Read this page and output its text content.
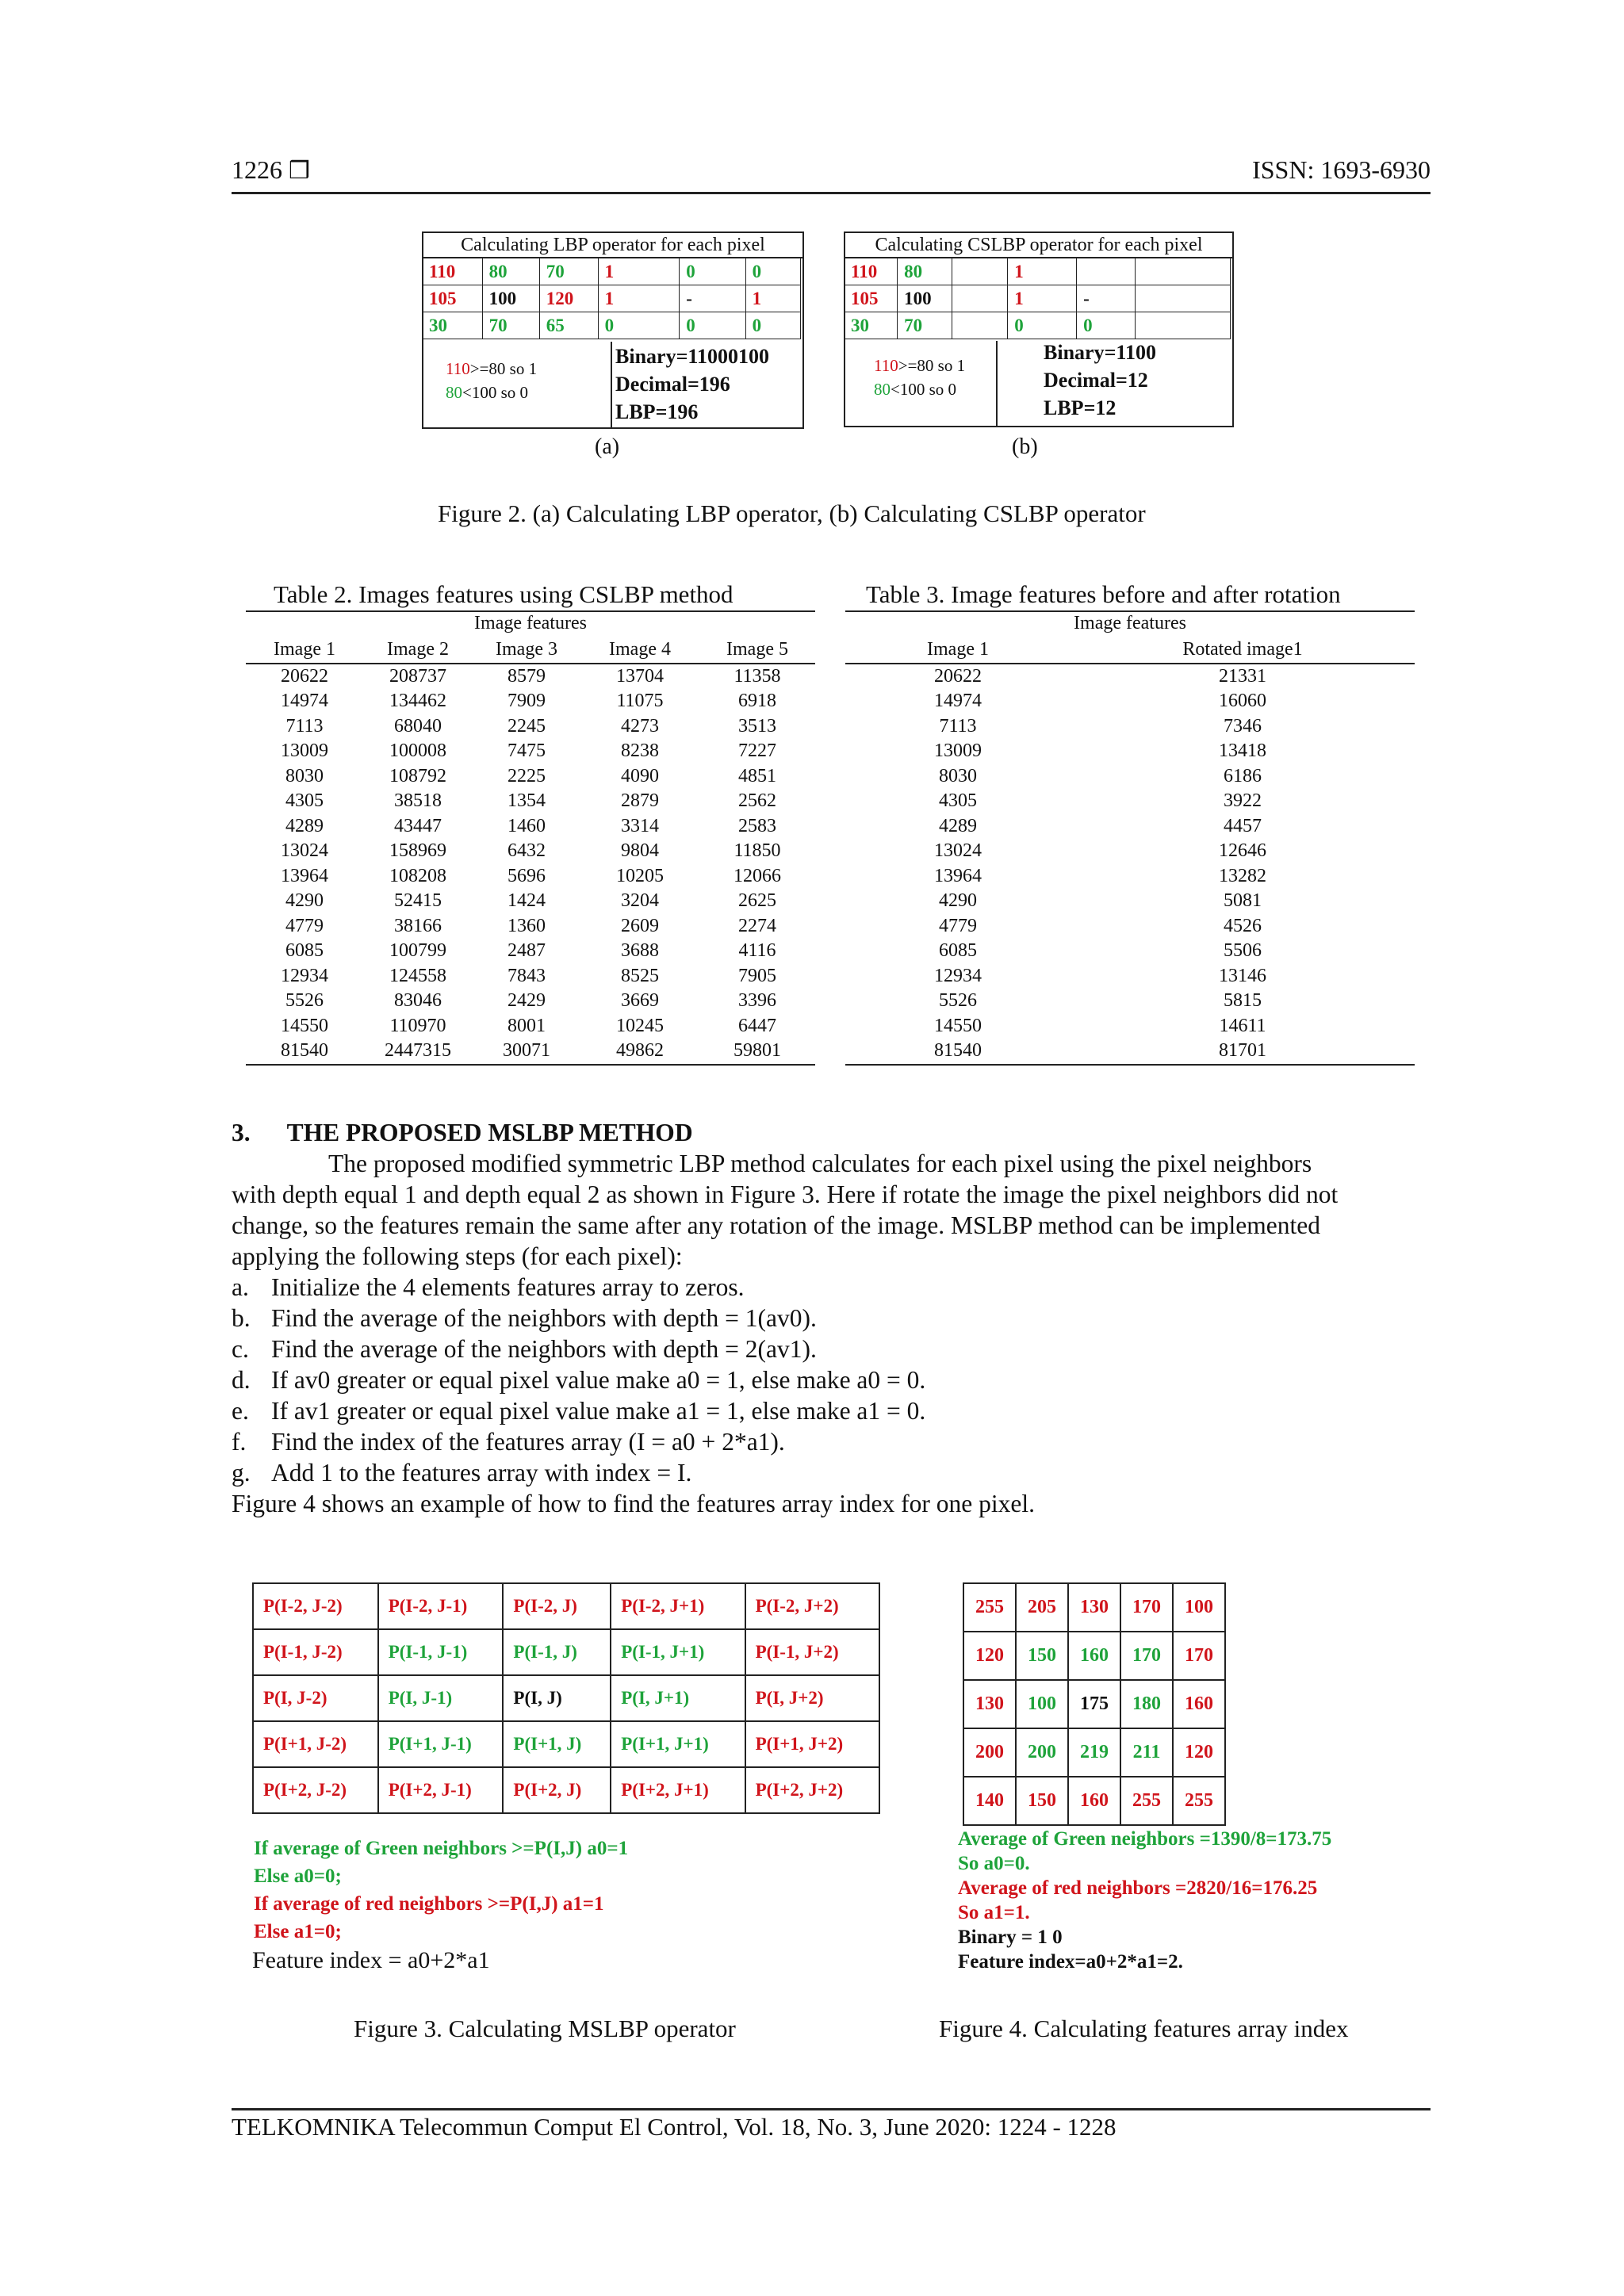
1226 ❒	ISSN: 1693-6930
Calculating LBP operator for each pixel
110	80	70	1	0	0
105	100	120	1	-	1
30	70	65	0	0	0
110>=80 so 1
80<100 so 0
Binary=11000100
Decimal=196
LBP=196
(a)
Calculating CSLBP operator for each pixel
110	80		1		
105	100		1	-	
30	70		0	0	
110>=80 so 1
80<100 so 0
Binary=1100
Decimal=12
LBP=12
(b)
Figure 2. (a) Calculating LBP operator, (b) Calculating CSLBP operator
Table 2. Images features using CSLBP method
Image features
Image 1	Image 2	Image 3	Image 4	Image 5
20622	208737	8579	13704	11358
14974	134462	7909	11075	6918
7113	68040	2245	4273	3513
13009	100008	7475	8238	7227
8030	108792	2225	4090	4851
4305	38518	1354	2879	2562
4289	43447	1460	3314	2583
13024	158969	6432	9804	11850
13964	108208	5696	10205	12066
4290	52415	1424	3204	2625
4779	38166	1360	2609	2274
6085	100799	2487	3688	4116
12934	124558	7843	8525	7905
5526	83046	2429	3669	3396
14550	110970	8001	10245	6447
81540	2447315	30071	49862	59801
Table 3. Image features before and after rotation
Image features
Image 1	Rotated image1
20622	21331
14974	16060
7113	7346
13009	13418
8030	6186
4305	3922
4289	4457
13024	12646
13964	13282
4290	5081
4779	4526
6085	5506
12934	13146
5526	5815
14550	14611
81540	81701
3. THE PROPOSED MSLBP METHOD
The proposed modified symmetric LBP method calculates for each pixel using the pixel neighbors
with depth equal 1 and depth equal 2 as shown in Figure 3. Here if rotate the image the pixel neighbors did not
change, so the features remain the same after any rotation of the image. MSLBP method can be implemented
applying the following steps (for each pixel):
a. Initialize the 4 elements features array to zeros.
b. Find the average of the neighbors with depth = 1(av0).
c. Find the average of the neighbors with depth = 2(av1).
d. If av0 greater or equal pixel value make a0 = 1, else make a0 = 0.
e. If av1 greater or equal pixel value make a1 = 1, else make a1 = 0.
f. Find the index of the features array (I = a0 + 2*a1).
g. Add 1 to the features array with index = I.
Figure 4 shows an example of how to find the features array index for one pixel.
P(I-2, J-2)	P(I-2, J-1)	P(I-2, J)	P(I-2, J+1)	P(I-2, J+2)
P(I-1, J-2)	P(I-1, J-1)	P(I-1, J)	P(I-1, J+1)	P(I-1, J+2)
P(I, J-2)	P(I, J-1)	P(I, J)	P(I, J+1)	P(I, J+2)
P(I+1, J-2)	P(I+1, J-1)	P(I+1, J)	P(I+1, J+1)	P(I+1, J+2)
P(I+2, J-2)	P(I+2, J-1)	P(I+2, J)	P(I+2, J+1)	P(I+2, J+2)
If average of Green neighbors >=P(I,J) a0=1
Else a0=0;
If average of red neighbors >=P(I,J) a1=1
Else a1=0;
Feature index = a0+2*a1
Figure 3. Calculating MSLBP operator
255	205	130	170	100
120	150	160	170	170
130	100	175	180	160
200	200	219	211	120
140	150	160	255	255
Average of Green neighbors =1390/8=173.75
So a0=0.
Average of red neighbors =2820/16=176.25
So a1=1.
Binary = 1 0
Feature index=a0+2*a1=2.
Figure 4. Calculating features array index
TELKOMNIKA Telecommun Comput El Control, Vol. 18, No. 3, June 2020: 1224 - 1228
